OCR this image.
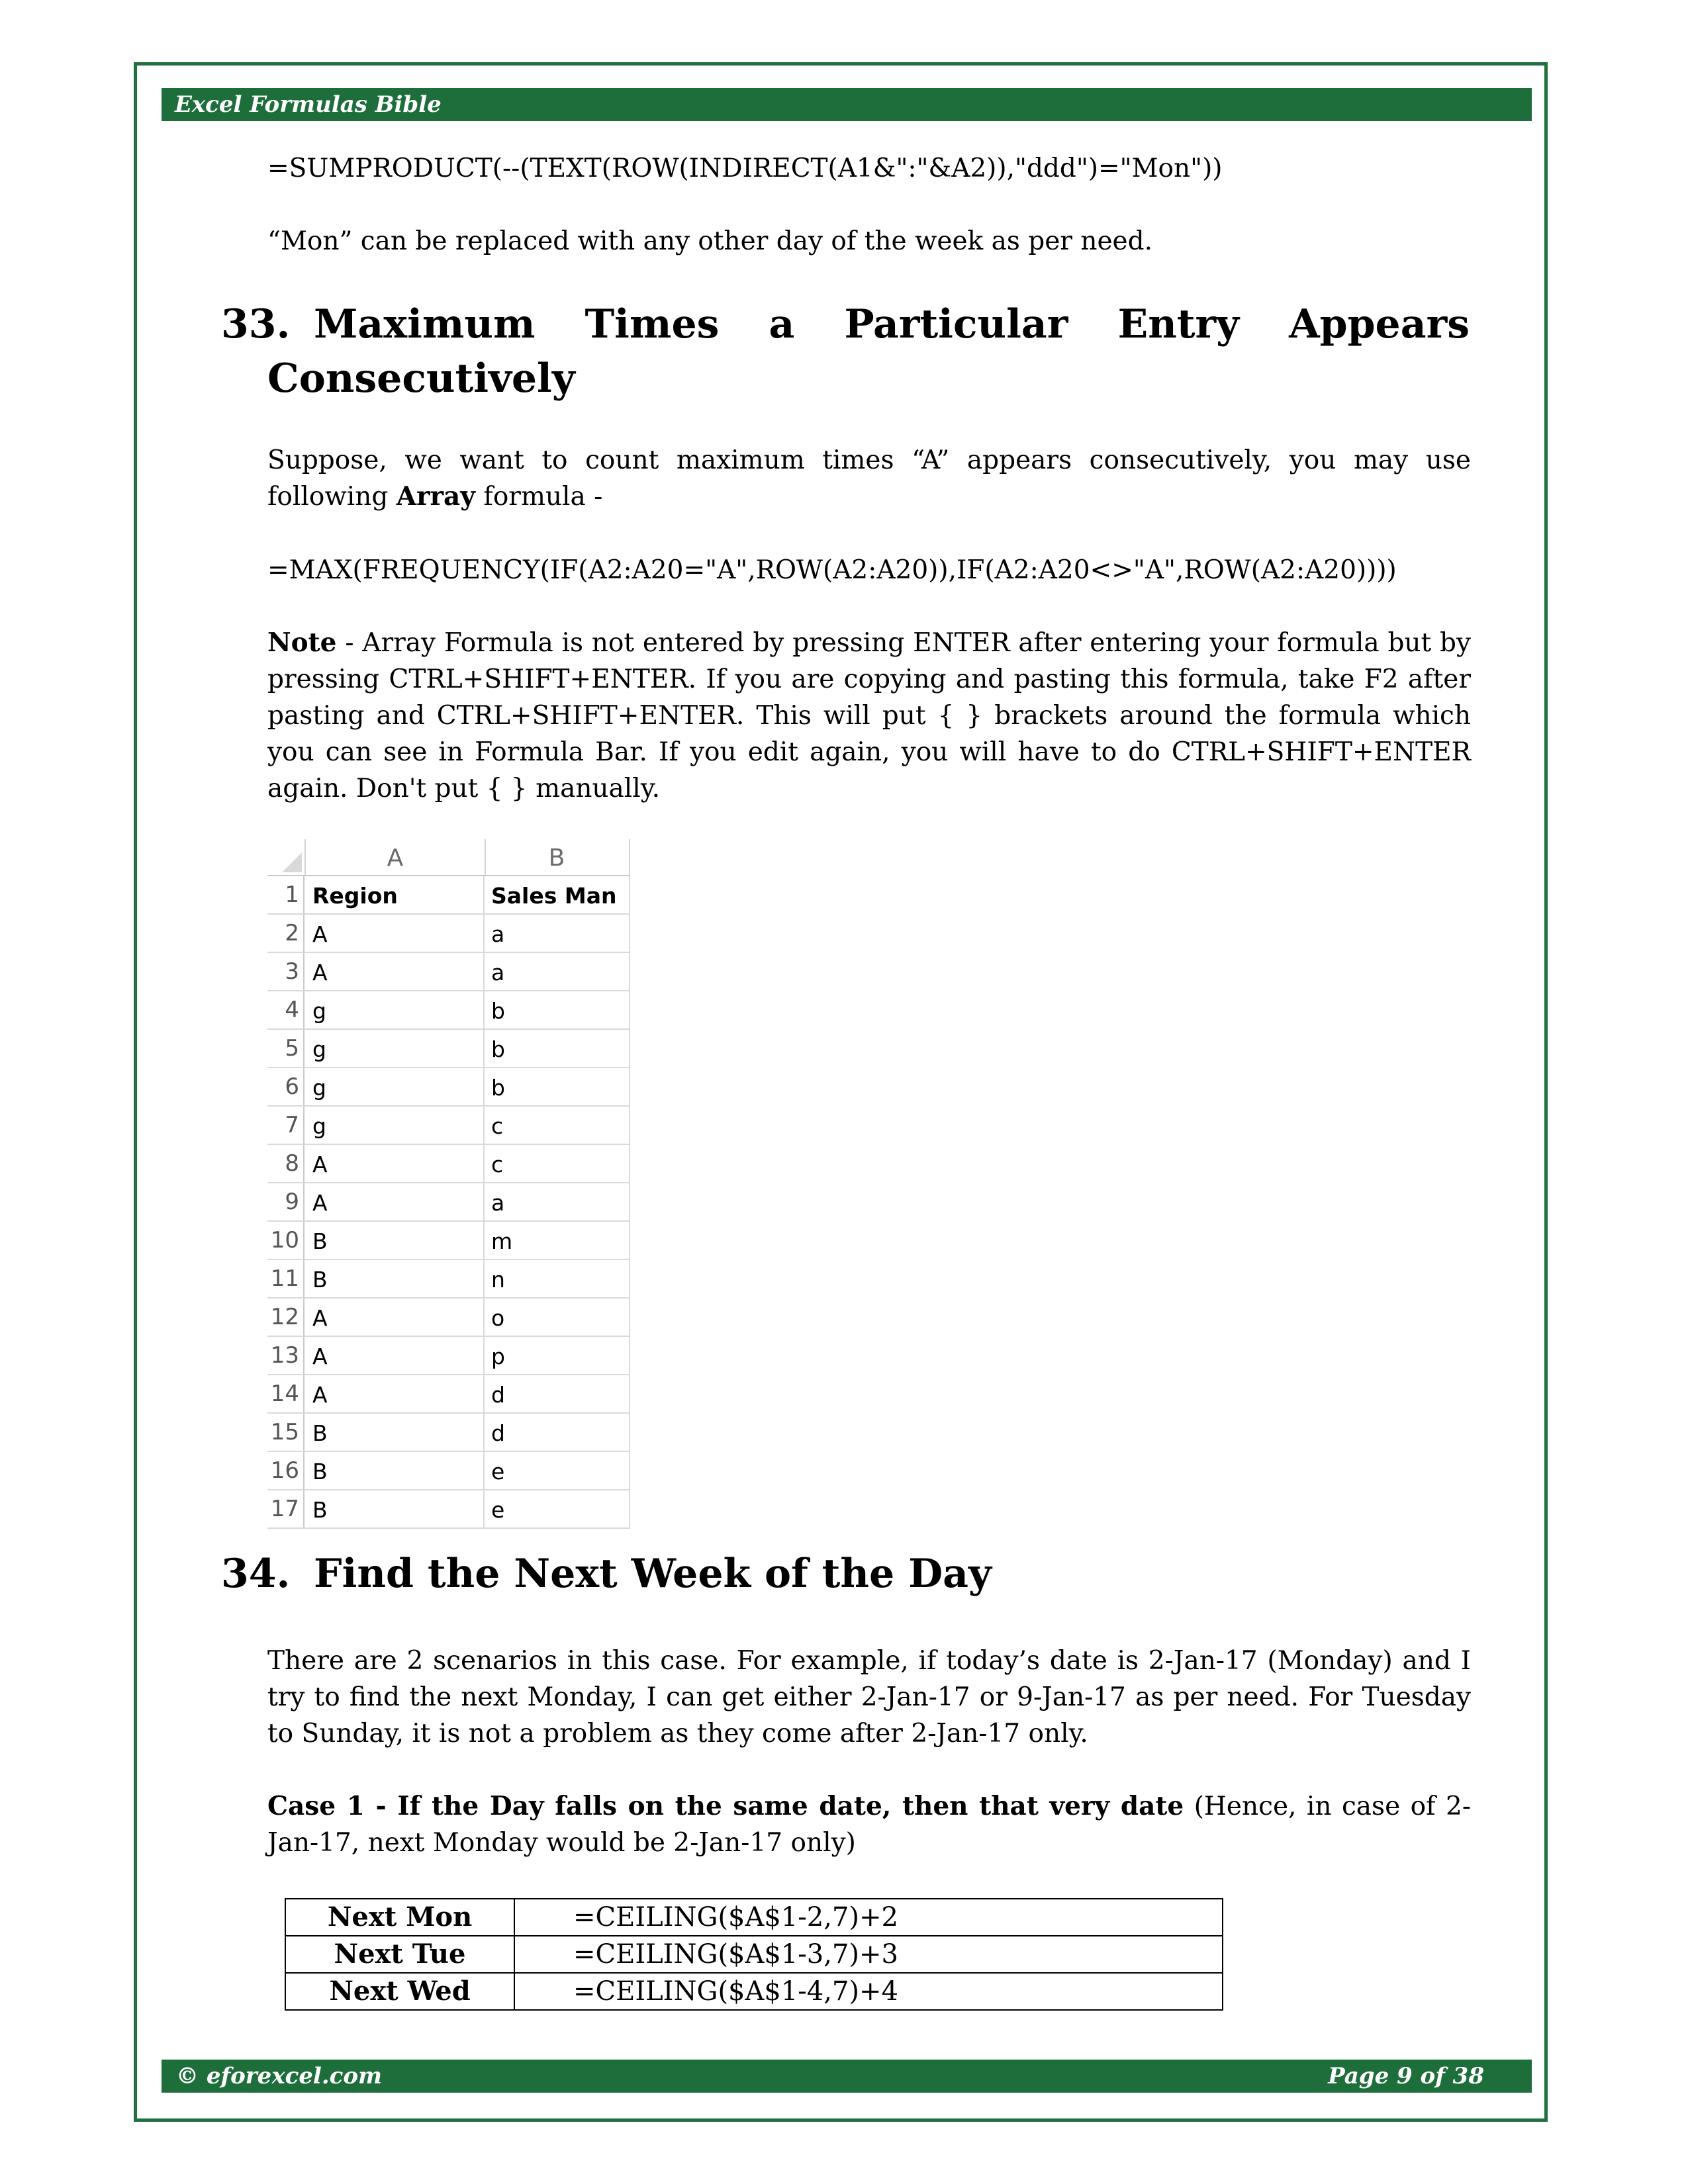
Excel Formulas Bible
=SUMPRODUCT(--(TEXT(ROW(INDIRECT(A1&":"&A2)),"ddd")="Mon"))
“Mon” can be replaced with any other day of the week as per need.
33. Maximum Times a Particular Entry Appears
Consecutively
Suppose, we want to count maximum times “A” appears consecutively, you may use following Array formula -
=MAX(FREQUENCY(IF(A2:A20="A",ROW(A2:A20)),IF(A2:A20<>"A",ROW(A2:A20))))
Note - Array Formula is not entered by pressing ENTER after entering your formula but by pressing CTRL+SHIFT+ENTER. If you are copying and pasting this formula, take F2 after pasting and CTRL+SHIFT+ENTER. This will put { } brackets around the formula which you can see in Formula Bar. If you edit again, you will have to do CTRL+SHIFT+ENTER again. Don't put { } manually.
A	B
1 Region	Sales Man
2 A	a
3 A	a
4 g	b
5 g	b
6 g	b
7 g	c
8 A	c
9 A	a
10 B	m
11 B	n
12 A	o
13 A	p
14 A	d
15 B	d
16 B	e
17 B	e
34. Find the Next Week of the Day
There are 2 scenarios in this case. For example, if today’s date is 2-Jan-17 (Monday) and I try to find the next Monday, I can get either 2-Jan-17 or 9-Jan-17 as per need. For Tuesday to Sunday, it is not a problem as they come after 2-Jan-17 only.
Case 1 - If the Day falls on the same date, then that very date (Hence, in case of 2-Jan-17, next Monday would be 2-Jan-17 only)
Next Mon	=CEILING($A$1-2,7)+2
Next Tue	=CEILING($A$1-3,7)+3
Next Wed	=CEILING($A$1-4,7)+4
© eforexcel.com	Page 9 of 38
